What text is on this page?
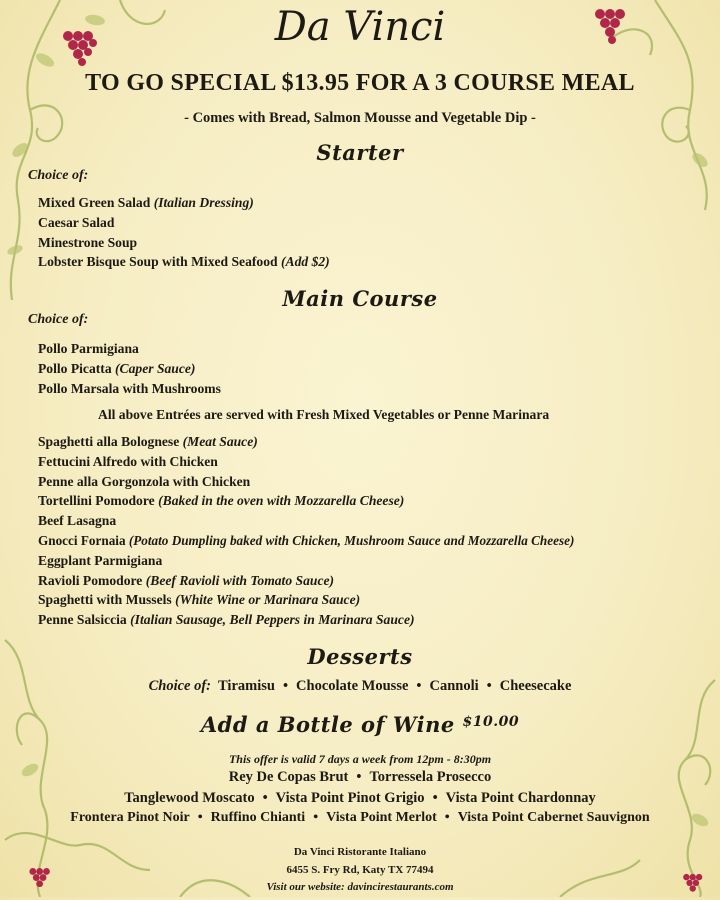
Da Vinci
TO GO SPECIAL $13.95 FOR A 3 COURSE MEAL
- Comes with Bread, Salmon Mousse and Vegetable Dip -
Starter
Choice of:
Mixed Green Salad (Italian Dressing)
Caesar Salad
Minestrone Soup
Lobster Bisque Soup with Mixed Seafood (Add $2)
Main Course
Choice of:
Pollo Parmigiana
Pollo Picatta (Caper Sauce)
Pollo Marsala with Mushrooms
All above Entrées are served with Fresh Mixed Vegetables or Penne Marinara
Spaghetti alla Bolognese (Meat Sauce)
Fettucini Alfredo with Chicken
Penne alla Gorgonzola with Chicken
Tortellini Pomodore (Baked in the oven with Mozzarella Cheese)
Beef Lasagna
Gnocci Fornaia (Potato Dumpling baked with Chicken, Mushroom Sauce and Mozzarella Cheese)
Eggplant Parmigiana
Ravioli Pomodore (Beef Ravioli with Tomato Sauce)
Spaghetti with Mussels (White Wine or Marinara Sauce)
Penne Salsiccia (Italian Sausage, Bell Peppers in Marinara Sauce)
Desserts
Choice of: Tiramisu • Chocolate Mousse • Cannoli • Cheesecake
Add a Bottle of Wine $^{\$10.00}$
This offer is valid 7 days a week from 12pm - 8:30pm
Rey De Copas Brut • Torressela Prosecco
Tanglewood Moscato • Vista Point Pinot Grigio • Vista Point Chardonnay
Frontera Pinot Noir • Ruffino Chianti • Vista Point Merlot • Vista Point Cabernet Sauvignon
Da Vinci Ristorante Italiano
6455 S. Fry Rd, Katy TX 77494
Visit our website: davincirestaurants.com
